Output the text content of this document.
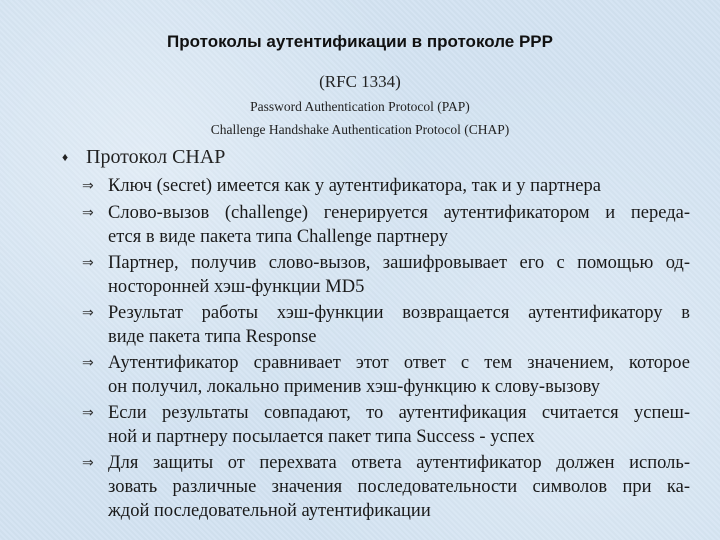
Протоколы аутентификации в протоколе PPP
(RFC 1334)
Password Authentication Protocol (PAP)
Challenge Handshake Authentication Protocol (CHAP)
♦ Протокол CHAP
⇒ Ключ (secret) имеется как у аутентификатора, так и у партнера
⇒ Слово-вызов (challenge) генерируется аутентификатором и переда-
ется в виде пакета типа Challenge партнеру
⇒ Партнер, получив слово-вызов, зашифровывает его с помощью од-
носторонней хэш-функции MD5
⇒ Результат работы хэш-функции возвращается аутентификатору в
виде пакета типа Response
⇒ Аутентификатор сравнивает этот ответ с тем значением, которое
он получил, локально применив хэш-функцию к слову-вызову
⇒ Если результаты совпадают, то аутентификация считается успеш-
ной и партнеру посылается пакет типа Success - успех
⇒ Для защиты от перехвата ответа аутентификатор должен исполь-
зовать различные значения последовательности символов при ка-
ждой последовательной аутентификации
